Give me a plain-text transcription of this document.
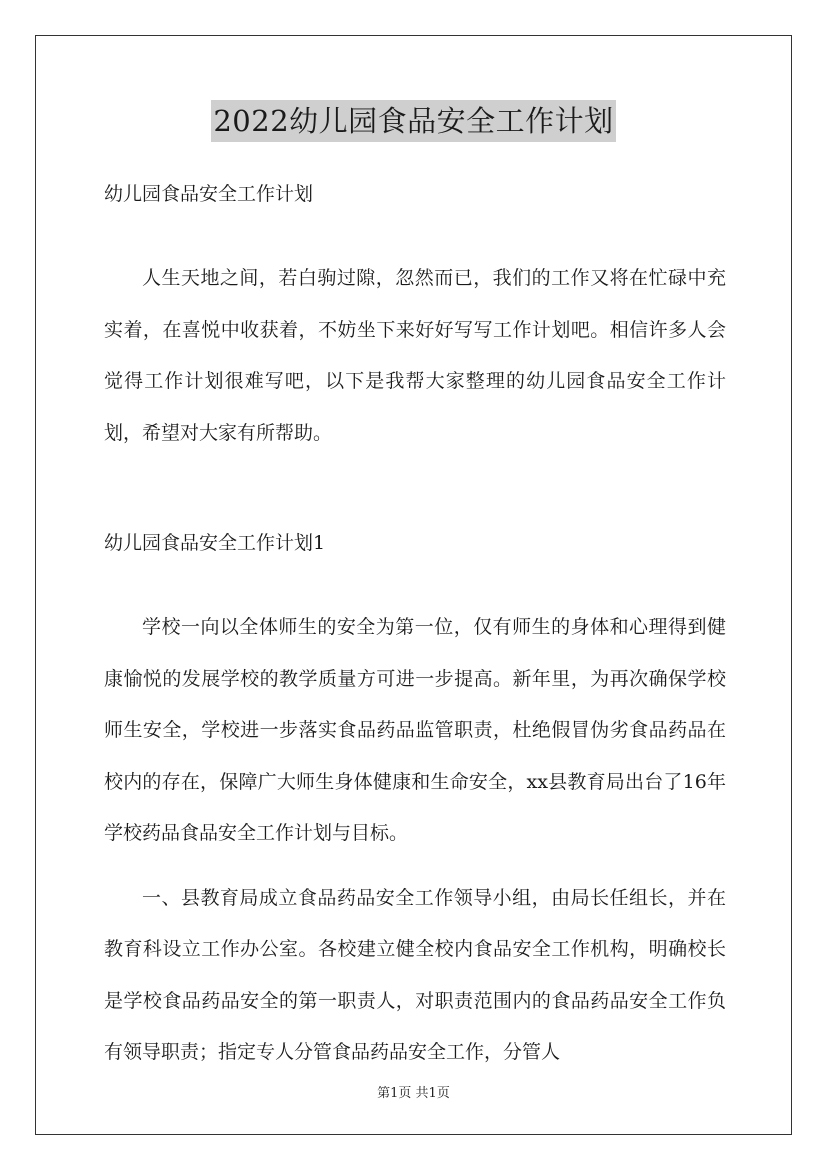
2022幼儿园食品安全工作计划
幼儿园食品安全工作计划

人生天地之间，若白驹过隙，忽然而已，我们的工作又将在忙碌中充实着，在喜悦中收获着，不妨坐下来好好写写工作计划吧。相信许多人会觉得工作计划很难写吧，以下是我帮大家整理的幼儿园食品安全工作计划，希望对大家有所帮助。

幼儿园食品安全工作计划1

学校一向以全体师生的安全为第一位，仅有师生的身体和心理得到健康愉悦的发展学校的教学质量方可进一步提高。新年里，为再次确保学校师生安全，学校进一步落实食品药品监管职责，杜绝假冒伪劣食品药品在校内的存在，保障广大师生身体健康和生命安全，xx县教育局出台了16年学校药品食品安全工作计划与目标。

一、县教育局成立食品药品安全工作领导小组，由局长任组长，并在教育科设立工作办公室。各校建立健全校内食品安全工作机构，明确校长是学校食品药品安全的第一职责人，对职责范围内的食品药品安全工作负有领导职责；指定专人分管食品药品安全工作，分管人

第1页 共1页
